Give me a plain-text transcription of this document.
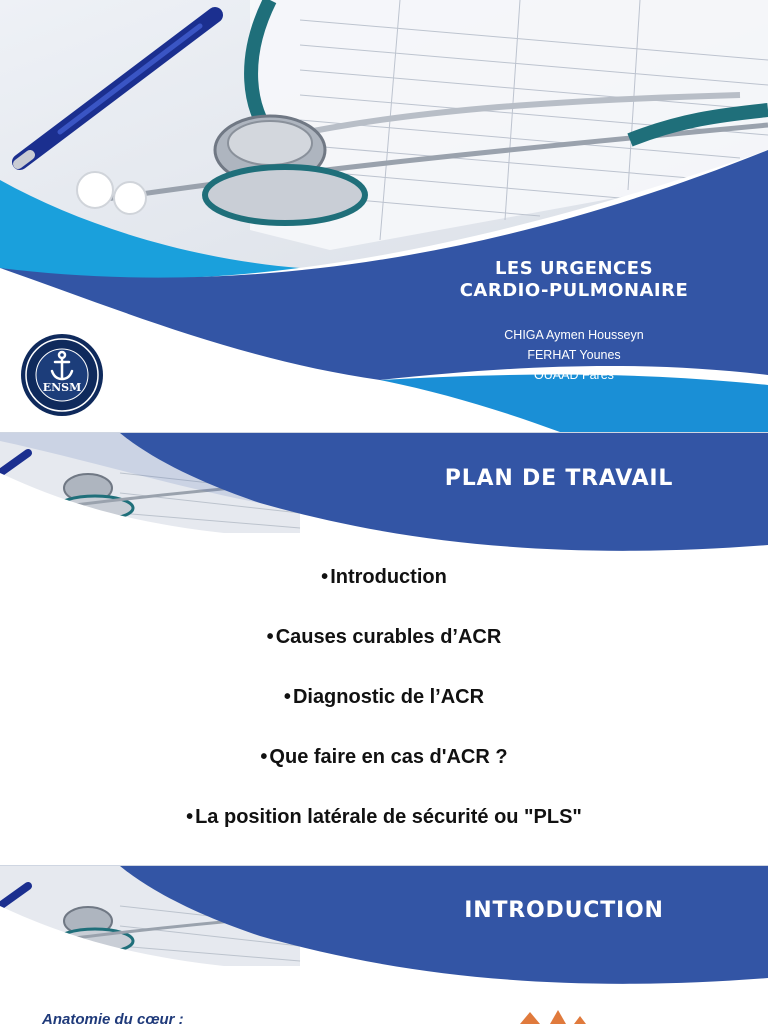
LES URGENCES
CARDIO-PULMONAIRE
CHIGA Aymen Housseyn
FERHAT Younes
OUAAD Fares
ENSM
PLAN DE TRAVAIL
• Introduction
• Causes curables d’ACR
• Diagnostic de l’ACR
• Que faire en cas d'ACR ?
• La position latérale de sécurité ou "PLS"
INTRODUCTION
Anatomie du cœur :
